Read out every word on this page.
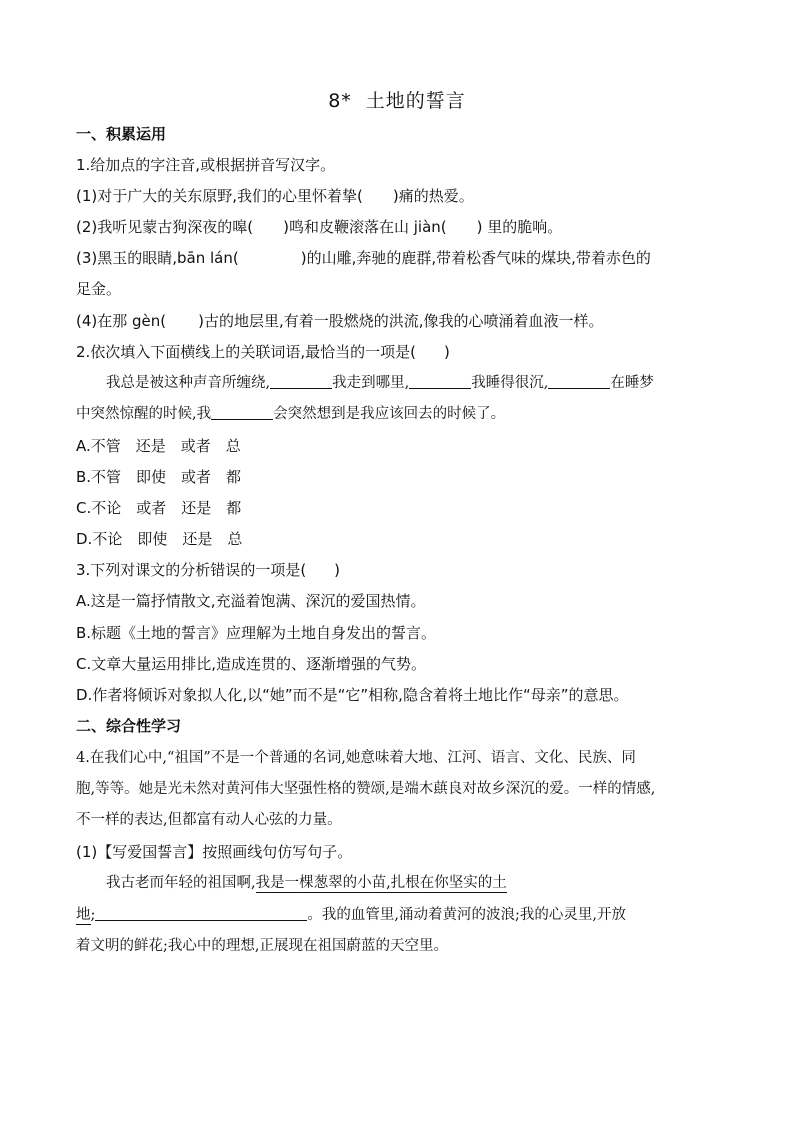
8* 土地的誓言
一、积累运用
1.给加点的字注音,或根据拼音写汉字。
(1)对于广大的关东原野,我们的心里怀着挚( )痛的热爱。
(2)我听见蒙古狗深夜的嗥( )鸣和皮鞭滚落在山 jiàn( ) 里的脆响。
(3)黑玉的眼睛,bān lán(	)的山雕,奔驰的鹿群,带着松香气味的煤块,带着赤色的
足金。
(4)在那 gèn( )古的地层里,有着一股燃烧的洪流,像我的心喷涌着血液一样。
2.依次填入下面横线上的关联词语,最恰当的一项是( )
我总是被这种声音所缠绕,	我走到哪里,	我睡得很沉,	在睡梦
中突然惊醒的时候,我	会突然想到是我应该回去的时候了。
A.不管　还是　或者　总
B.不管　即使　或者　都
C.不论　或者　还是　都
D.不论　即使　还是　总
3.下列对课文的分析错误的一项是( )
A.这是一篇抒情散文,充溢着饱满、深沉的爱国热情。
B.标题《土地的誓言》应理解为土地自身发出的誓言。
C.文章大量运用排比,造成连贯的、逐渐增强的气势。
D.作者将倾诉对象拟人化,以“她”而不是“它”相称,隐含着将土地比作“母亲”的意思。
二、综合性学习
4.在我们心中,“祖国”不是一个普通的名词,她意味着大地、江河、语言、文化、民族、同
胞,等等。她是光未然对黄河伟大坚强性格的赞颂,是端木蕻良对故乡深沉的爱。一样的情感,
不一样的表达,但都富有动人心弦的力量。
(1)【写爱国誓言】按照画线句仿写句子。
我古老而年轻的祖国啊,我是一棵葱翠的小苗,扎根在你坚实的土
地;	。我的血管里,涌动着黄河的波浪;我的心灵里,开放
着文明的鲜花;我心中的理想,正展现在祖国蔚蓝的天空里。
